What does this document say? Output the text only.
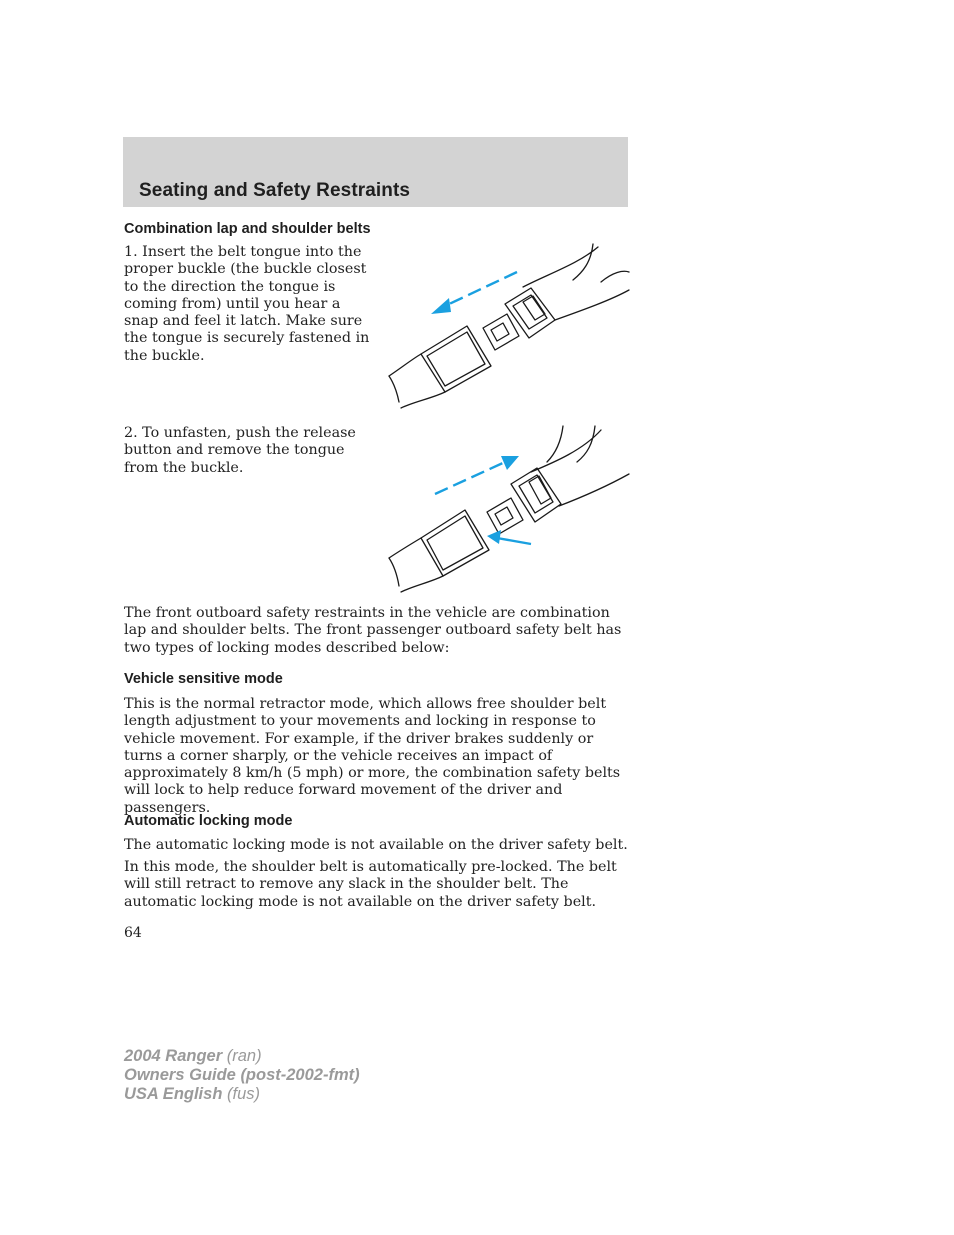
Seating and Safety Restraints
Combination lap and shoulder belts

1. Insert the belt tongue into the proper buckle (the buckle closest to the direction the tongue is coming from) until you hear a snap and feel it latch. Make sure the tongue is securely fastened in the buckle.

2. To unfasten, push the release button and remove the tongue from the buckle.

The front outboard safety restraints in the vehicle are combination lap and shoulder belts. The front passenger outboard safety belt has two types of locking modes described below:

Vehicle sensitive mode

This is the normal retractor mode, which allows free shoulder belt length adjustment to your movements and locking in response to vehicle movement. For example, if the driver brakes suddenly or turns a corner sharply, or the vehicle receives an impact of approximately 8 km/h (5 mph) or more, the combination safety belts will lock to help reduce forward movement of the driver and passengers.

Automatic locking mode

The automatic locking mode is not available on the driver safety belt.

In this mode, the shoulder belt is automatically pre-locked. The belt will still retract to remove any slack in the shoulder belt. The automatic locking mode is not available on the driver safety belt.

64
2004 Ranger (ran)
Owners Guide (post-2002-fmt)
USA English (fus)
